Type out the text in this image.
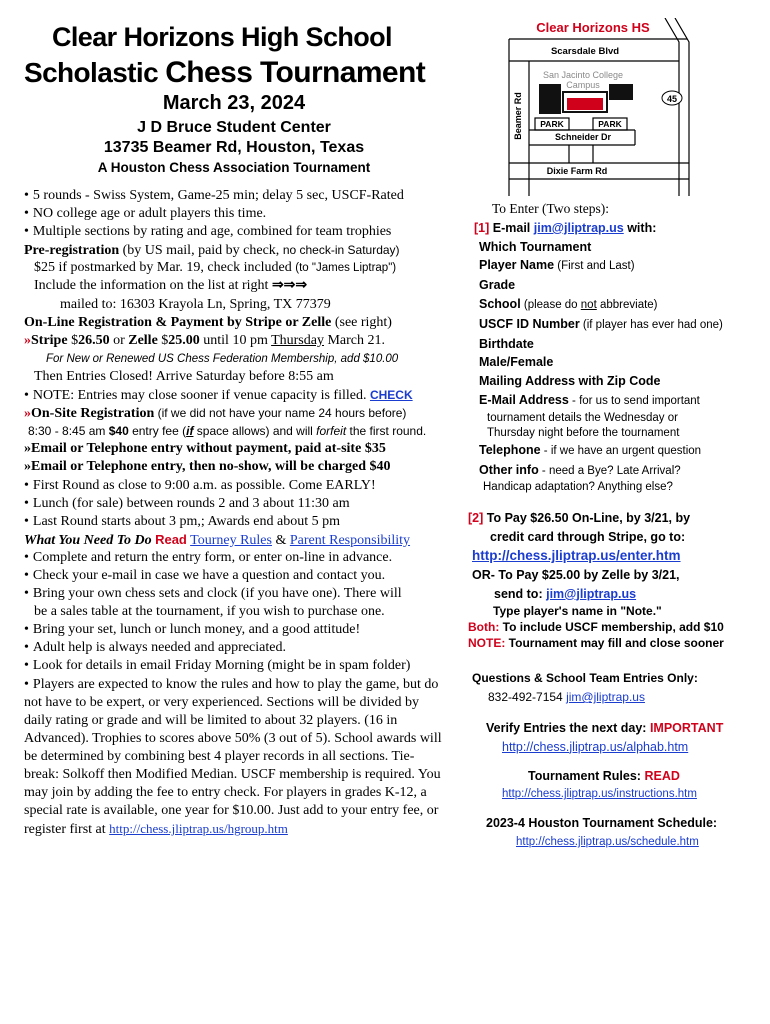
Clear Horizons High School
Scholastic Chess Tournament
March 23, 2024
J D Bruce Student Center
13735 Beamer Rd, Houston, Texas
A Houston Chess Association Tournament
Clear Horizons HS
Scarsdale Blvd
Beamer Rd	45
San Jacinto College
Campus
PARK	PARK
Schneider Dr
Dixie Farm Rd
• 5 rounds - Swiss System, Game-25 min; delay 5 sec, USCF-Rated
• NO college age or adult players this time.
• Multiple sections by rating and age, combined for team trophies
Pre-registration (by US mail, paid by check, no check-in Saturday)
$25 if postmarked by Mar. 19, check included (to "James Liptrap")
Include the information on the list at right ⇒⇒⇒
mailed to: 16303 Krayola Ln, Spring, TX 77379
On-Line Registration & Payment by Stripe or Zelle (see right)
»Stripe $26.50 or Zelle $25.00 until 10 pm Thursday March 21.
For New or Renewed US Chess Federation Membership, add $10.00
Then Entries Closed! Arrive Saturday before 8:55 am
• NOTE: Entries may close sooner if venue capacity is filled. CHECK
»On-Site Registration (if we did not have your name 24 hours before)
8:30 - 8:45 am $40 entry fee (if space allows) and will forfeit the first round.
»Email or Telephone entry without payment, paid at-site $35
»Email or Telephone entry, then no-show, will be charged $40
• First Round as close to 9:00 a.m. as possible. Come EARLY!
• Lunch (for sale) between rounds 2 and 3 about 11:30 am
• Last Round starts about 3 pm,; Awards end about 5 pm
What You Need To Do Read Tourney Rules & Parent Responsibility
• Complete and return the entry form, or enter on-line in advance.
• Check your e-mail in case we have a question and contact you.
• Bring your own chess sets and clock (if you have one). There will
be a sales table at the tournament, if you wish to purchase one.
• Bring your set, lunch or lunch money, and a good attitude!
• Adult help is always needed and appreciated.
• Look for details in email Friday Morning (might be in spam folder)
• Players are expected to know the rules and how to play the game, but do not have to be expert, or very experienced. Sections will be divided by daily rating or grade and will be limited to about 32 players. (16 in Advanced). Trophies to scores above 50% (3 out of 5). School awards will be determined by combining best 4 player records in all sections. Tie-break: Solkoff then Modified Median. USCF membership is required. You may join by adding the fee to entry check. For players in grades K-12, a special rate is available, one year for $10.00. Just add to your entry fee, or register first at http://chess.jliptrap.us/hgroup.htm
To Enter (Two steps):
[1] E-mail jim@jliptrap.us with:
Which Tournament
Player Name (First and Last)
Grade
School (please do not abbreviate)
USCF ID Number (if player has ever had one)
Birthdate
Male/Female
Mailing Address with Zip Code
E-Mail Address - for us to send important
tournament details the Wednesday or
Thursday night before the tournament
Telephone - if we have an urgent question
Other info - need a Bye? Late Arrival?
Handicap adaptation? Anything else?
[2] To Pay $26.50 On-Line, by 3/21, by
credit card through Stripe, go to:
http://chess.jliptrap.us/enter.htm
OR- To Pay $25.00 by Zelle by 3/21,
send to: jim@jliptrap.us
Type player's name in "Note."
Both: To include USCF membership, add $10
NOTE: Tournament may fill and close sooner
Questions & School Team Entries Only:
832-492-7154 jim@jliptrap.us
Verify Entries the next day: IMPORTANT
http://chess.jliptrap.us/alphab.htm
Tournament Rules: READ
http://chess.jliptrap.us/instructions.htm
2023-4 Houston Tournament Schedule:
http://chess.jliptrap.us/schedule.htm
